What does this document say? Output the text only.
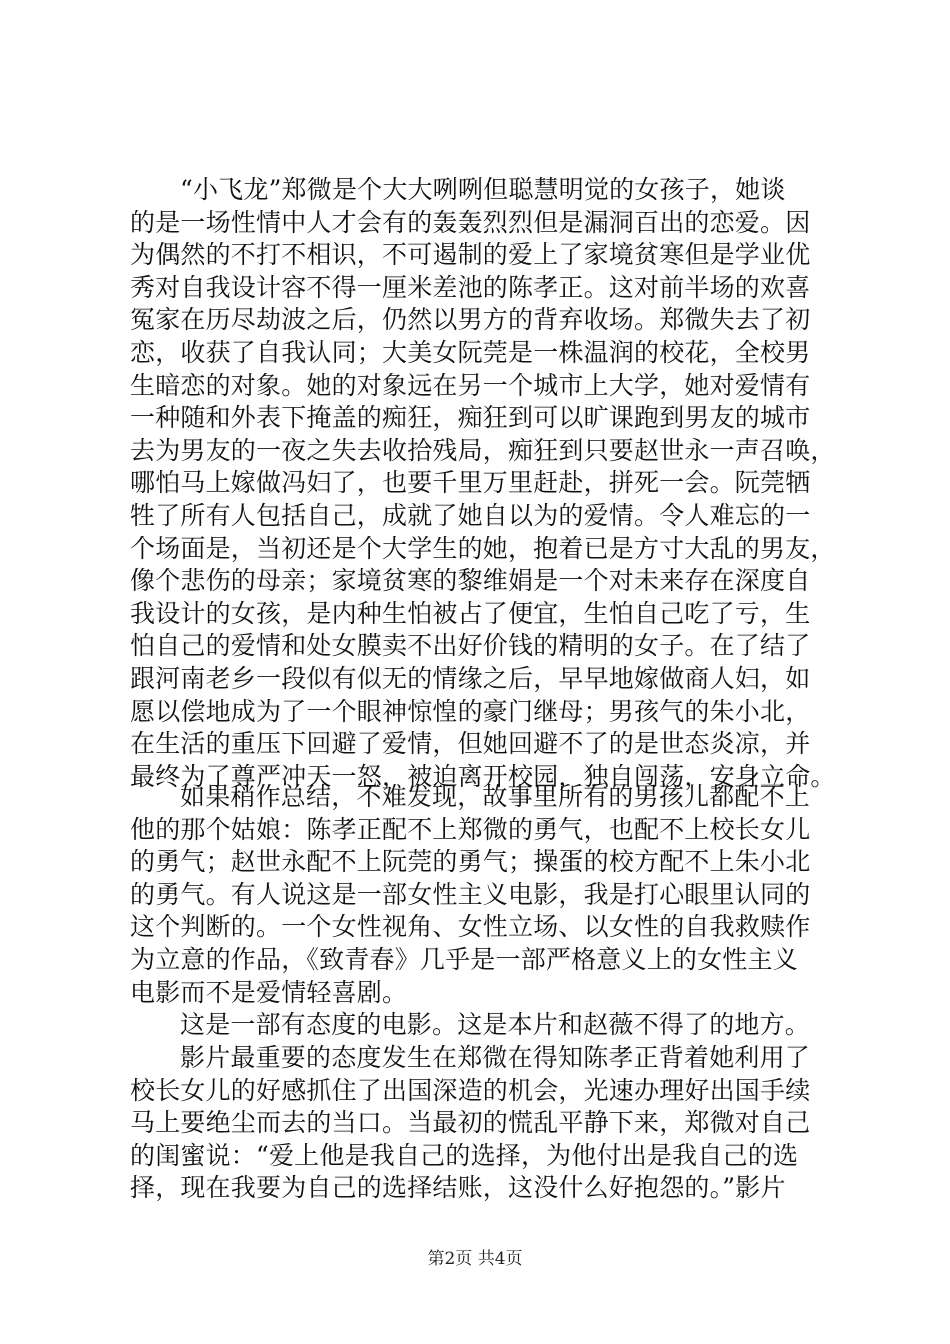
“小飞龙”郑微是个大大咧咧但聪慧明觉的女孩子，她谈
的是一场性情中人才会有的轰轰烈烈但是漏洞百出的恋爱。因
为偶然的不打不相识，不可遏制的爱上了家境贫寒但是学业优
秀对自我设计容不得一厘米差池的陈孝正。这对前半场的欢喜
冤家在历尽劫波之后，仍然以男方的背弃收场。郑微失去了初
恋，收获了自我认同；大美女阮莞是一株温润的校花，全校男
生暗恋的对象。她的对象远在另一个城市上大学，她对爱情有
一种随和外表下掩盖的痴狂，痴狂到可以旷课跑到男友的城市
去为男友的一夜之失去收拾残局，痴狂到只要赵世永一声召唤，
哪怕马上嫁做冯妇了，也要千里万里赶赴，拼死一会。阮莞牺
牲了所有人包括自己，成就了她自以为的爱情。令人难忘的一
个场面是，当初还是个大学生的她，抱着已是方寸大乱的男友，
像个悲伤的母亲；家境贫寒的黎维娟是一个对未来存在深度自
我设计的女孩，是内种生怕被占了便宜，生怕自己吃了亏，生
怕自己的爱情和处女膜卖不出好价钱的精明的女子。在了结了
跟河南老乡一段似有似无的情缘之后，早早地嫁做商人妇，如
愿以偿地成为了一个眼神惊惶的豪门继母；男孩气的朱小北，
在生活的重压下回避了爱情，但她回避不了的是世态炎凉，并
最终为了尊严冲天一怒，被迫离开校园，独自闯荡，安身立命。

如果稍作总结，不难发现，故事里所有的男孩儿都配不上
他的那个姑娘：陈孝正配不上郑微的勇气，也配不上校长女儿
的勇气；赵世永配不上阮莞的勇气；操蛋的校方配不上朱小北
的勇气。有人说这是一部女性主义电影，我是打心眼里认同的
这个判断的。一个女性视角、女性立场、以女性的自我救赎作
为立意的作品，《致青春》几乎是一部严格意义上的女性主义
电影而不是爱情轻喜剧。

这是一部有态度的电影。这是本片和赵薇不得了的地方。

影片最重要的态度发生在郑微在得知陈孝正背着她利用了
校长女儿的好感抓住了出国深造的机会，光速办理好出国手续
马上要绝尘而去的当口。当最初的慌乱平静下来，郑微对自己
的闺蜜说：“爱上他是我自己的选择，为他付出是我自己的选
择，现在我要为自己的选择结账，这没什么好抱怨的。”影片

第2页 共4页
